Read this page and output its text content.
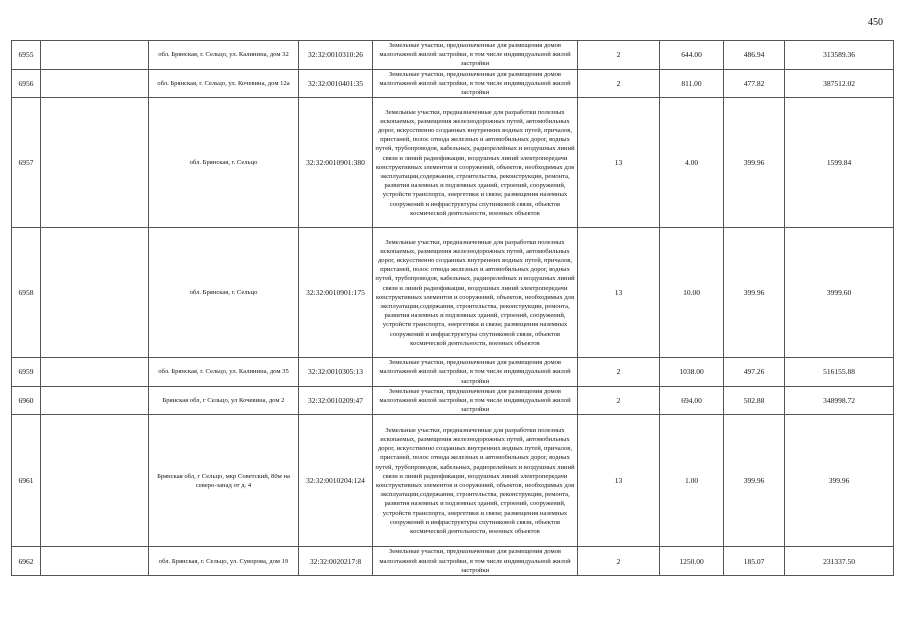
450
6955		обл. Брянская, г. Сельцо, ул. Калинина, дом 32	32:32:0010310:26	Земельные участки, предназначенные для размещения домов малоэтажной жилой застройки, в том числе индивидуальной жилой застройки	2	644.00	486.94	313589.36
6956		обл. Брянская, г. Сельцо, ул. Кочевина, дом 12а	32:32:0010401:35	Земельные участки, предназначенные для размещения домов малоэтажной жилой застройки, в том числе индивидуальной жилой застройки	2	811.00	477.82	387512.02
6957		обл. Брянская, г. Сельцо	32:32:0010901:380	Земельные участки, предназначенные для разработки полезных ископаемых, размещения железнодорожных путей, автомобильных дорог, искусственно созданных внутренних водных путей, причалов, пристаней, полос отвода железных и автомобильных дорог, водных путей, трубопроводов, кабельных, радиорелейных и воздушных линий связи и линий радиофикации, воздушных линий электропередачи конструктивных элементов и сооружений, объектов, необходимых для эксплуатации,содержания, строительства, реконструкции, ремонта, развития наземных и подземных зданий, строений, сооружений, устройств транспорта, энергетики и связи; размещения наземных сооружений и инфраструктуры спутниковой связи, объектов космической деятельности, военных объектов	13	4.00	399.96	1599.84
6958		обл. Брянская, г. Сельцо	32:32:0010901:175	Земельные участки, предназначенные для разработки полезных ископаемых, размещения железнодорожных путей, автомобильных дорог, искусственно созданных внутренних водных путей, причалов, пристаней, полос отвода железных и автомобильных дорог, водных путей, трубопроводов, кабельных, радиорелейных и воздушных линий связи и линий радиофикации, воздушных линий электропередачи конструктивных элементов и сооружений, объектов, необходимых для эксплуатации,содержания, строительства, реконструкции, ремонта, развития наземных и подземных зданий, строений, сооружений, устройств транспорта, энергетики и связи; размещения наземных сооружений и инфраструктуры спутниковой связи, объектов космической деятельности, военных объектов	13	10.00	399.96	3999.60
6959		обл. Брянская, г. Сельцо, ул. Калинина, дом 35	32:32:0010305:13	Земельные участки, предназначенные для размещения домов малоэтажной жилой застройки, в том числе индивидуальной жилой застройки	2	1038.00	497.26	516155.88
6960		Брянская обл, г Сельцо, ул Кочевина, дом 2	32:32:0010209:47	Земельные участки, предназначенные для размещения домов малоэтажной жилой застройки, в том числе индивидуальной жилой застройки	2	694.00	502.88	348998.72
6961		Брянская обл, г Сельцо, мкр Советский, 80м на северо-запад от д. 4	32:32:0010204:124	Земельные участки, предназначенные для разработки полезных ископаемых, размещения железнодорожных путей, автомобильных дорог, искусственно созданных внутренних водных путей, причалов, пристаней, полос отвода железных и автомобильных дорог, водных путей, трубопроводов, кабельных, радиорелейных и воздушных линий связи и линий радиофикации, воздушных линий электропередачи конструктивных элементов и сооружений, объектов, необходимых для эксплуатации,содержания, строительства, реконструкции, ремонта, развития наземных и подземных зданий, строений, сооружений, устройств транспорта, энергетики и связи; размещения наземных сооружений и инфраструктуры спутниковой связи, объектов космической деятельности, военных объектов	13	1.00	399.96	399.96
6962		обл. Брянская, г. Сельцо, ул. Суворова, дом 19	32:32:0020217:8	Земельные участки, предназначенные для размещения домов малоэтажной жилой застройки, в том числе индивидуальной жилой застройки	2	1250.00	185.07	231337.50
